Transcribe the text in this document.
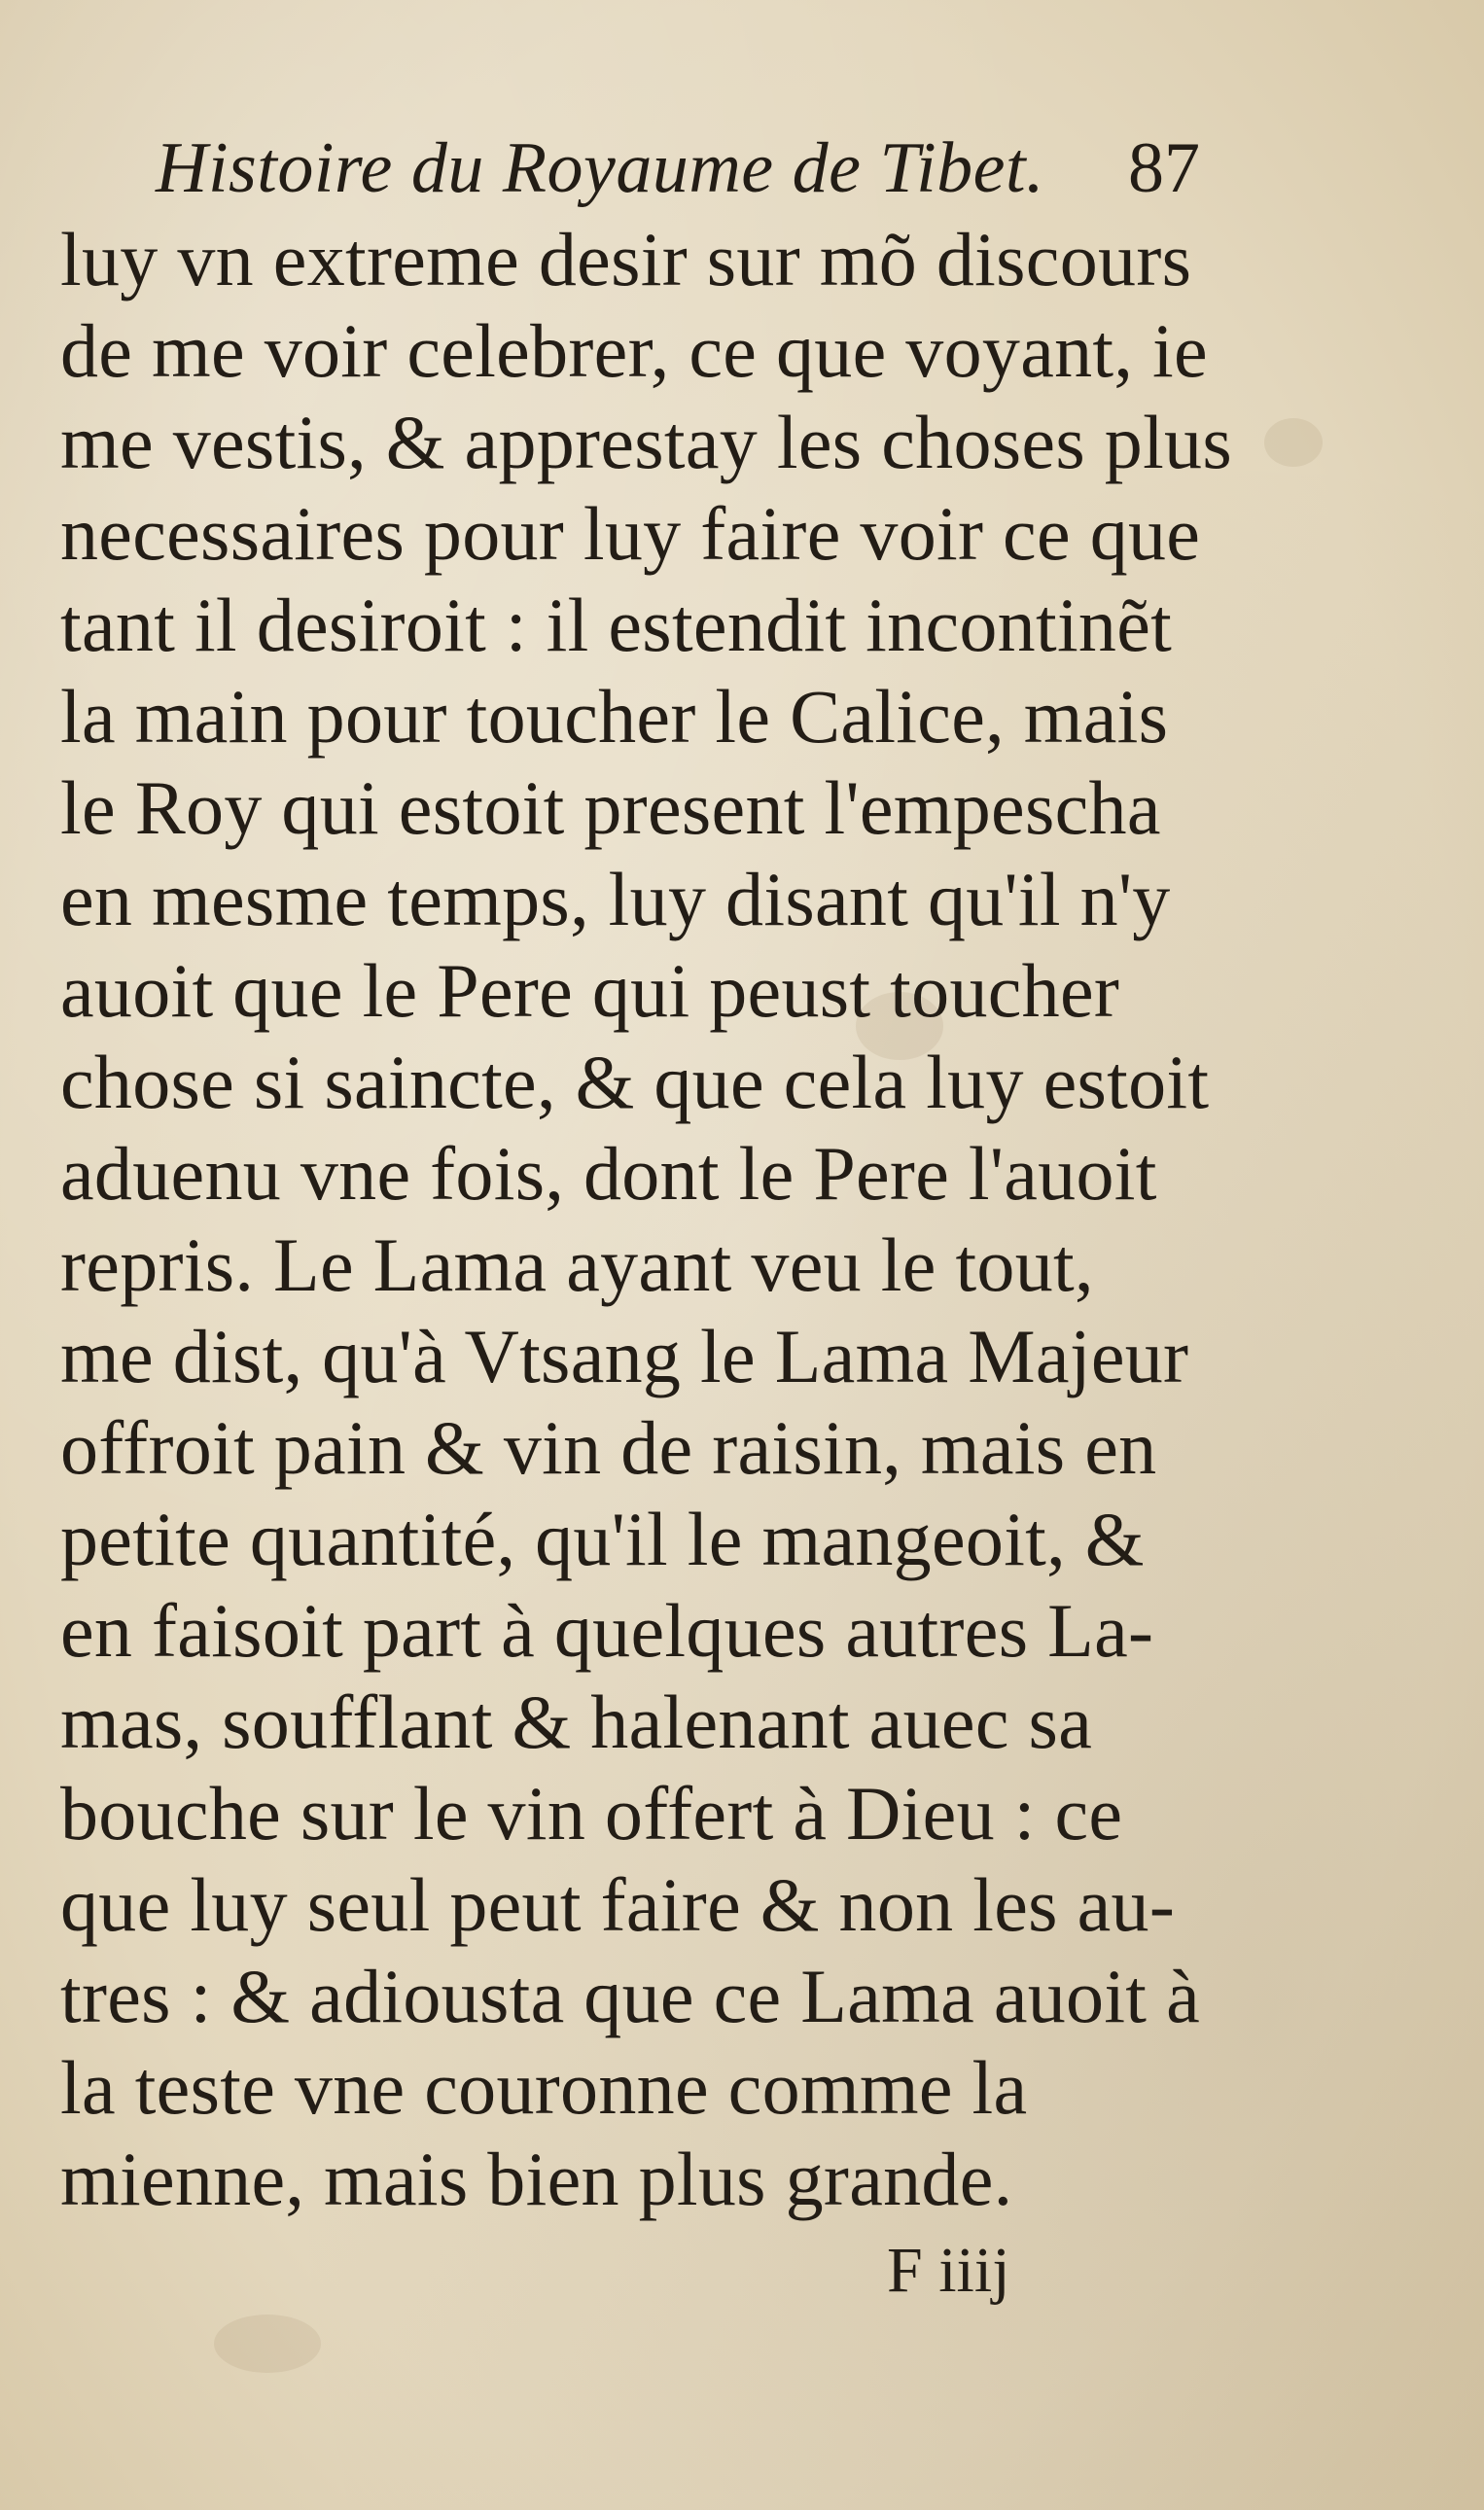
Histoire du Royaume de Tibet. 87
luy vn extreme desir sur mõ discours
de me voir celebrer, ce que voyant, ie
me vestis, & apprestay les choses plus
necessaires pour luy faire voir ce que
tant il desiroit : il estendit incontinẽt
la main pour toucher le Calice, mais
le Roy qui estoit present l'empescha
en mesme temps, luy disant qu'il n'y
auoit que le Pere qui peust toucher
chose si saincte, & que cela luy estoit
aduenu vne fois, dont le Pere l'auoit
repris. Le Lama ayant veu le tout,
me dist, qu'à Vtsang le Lama Majeur
offroit pain & vin de raisin, mais en
petite quantité, qu'il le mangeoit, &
en faisoit part à quelques autres La-
mas, soufflant & halenant auec sa
bouche sur le vin offert à Dieu : ce
que luy seul peut faire & non les au-
tres : & adiousta que ce Lama auoit à
la teste vne couronne comme la
mienne, mais bien plus grande.
F iiij
